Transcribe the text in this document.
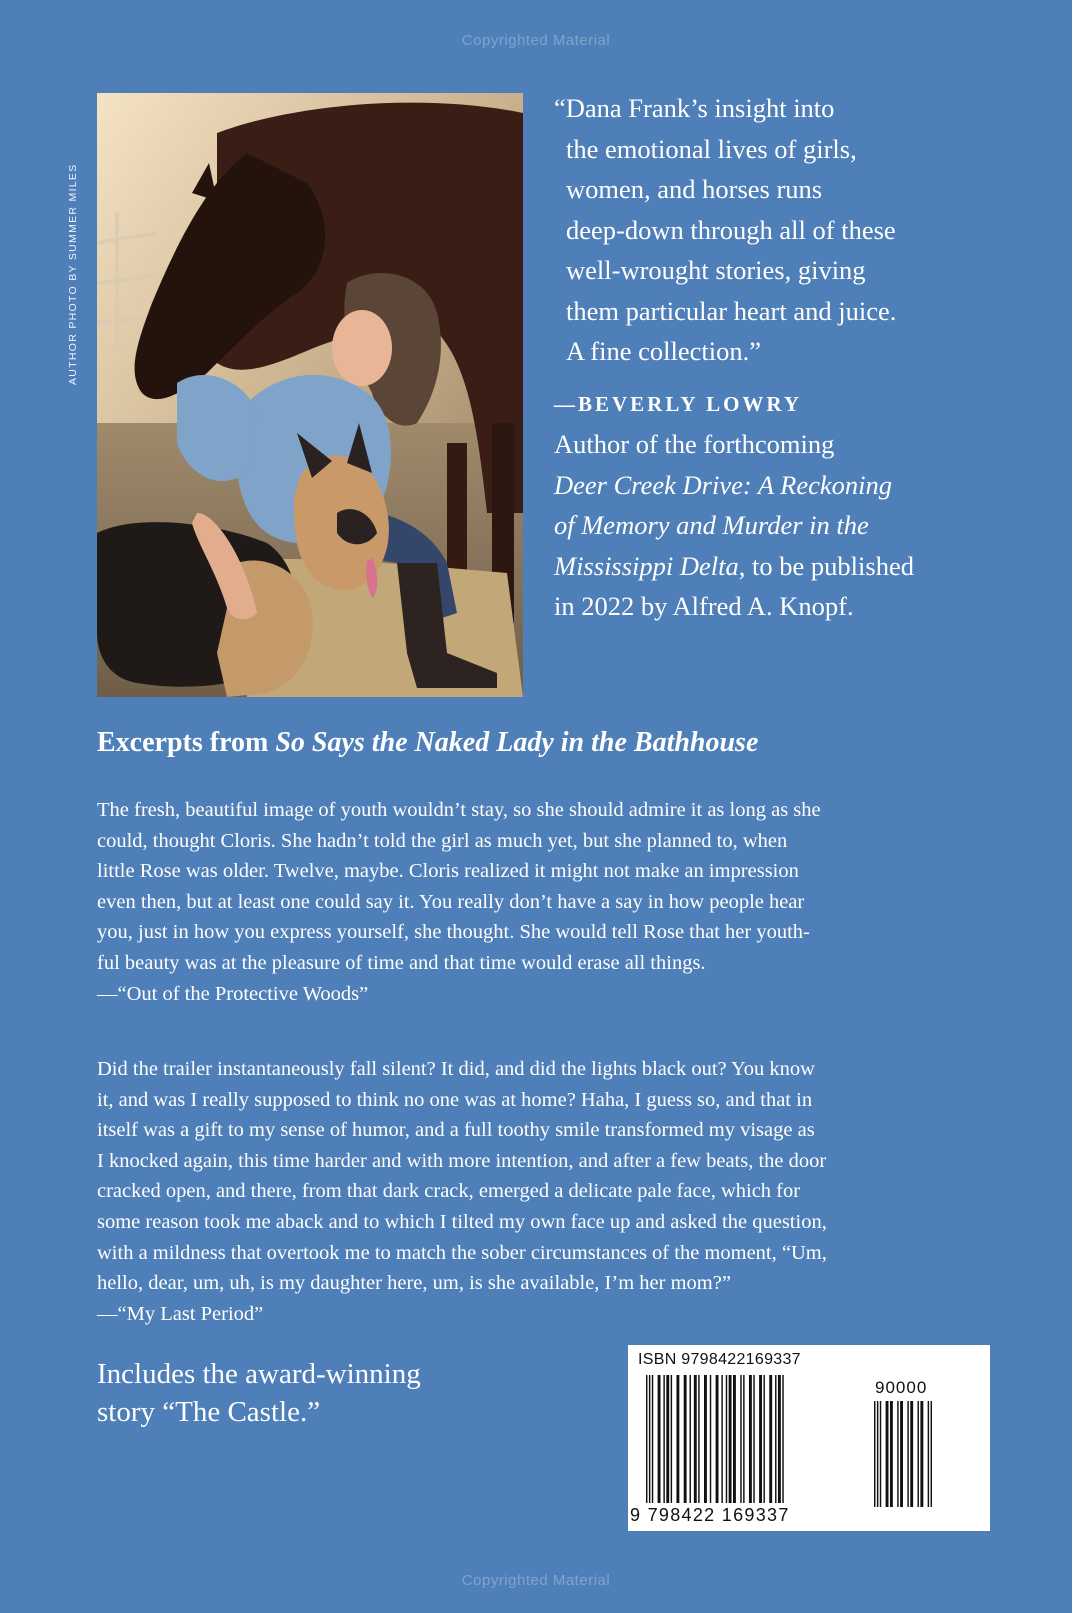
Copyrighted Material
AUTHOR PHOTO BY SUMMER MILES

“Dana Frank’s insight into
the emotional lives of girls,
women, and horses runs
deep-down through all of these
well-wrought stories, giving
them particular heart and juice.
A fine collection.”

—BEVERLY LOWRY

Author of the forthcoming
Deer Creek Drive: A Reckoning
of Memory and Murder in the
Mississippi Delta, to be published
in 2022 by Alfred A. Knopf.

Excerpts from So Says the Naked Lady in the Bathhouse
The fresh, beautiful image of youth wouldn’t stay, so she should admire it as long as she
could, thought Cloris. She hadn’t told the girl as much yet, but she planned to, when
little Rose was older. Twelve, maybe. Cloris realized it might not make an impression
even then, but at least one could say it. You really don’t have a say in how people hear
you, just in how you express yourself, she thought. She would tell Rose that her youth-
ful beauty was at the pleasure of time and that time would erase all things.
—“Out of the Protective Woods”
Did the trailer instantaneously fall silent? It did, and did the lights black out? You know
it, and was I really supposed to think no one was at home? Haha, I guess so, and that in
itself was a gift to my sense of humor, and a full toothy smile transformed my visage as
I knocked again, this time harder and with more intention, and after a few beats, the door
cracked open, and there, from that dark crack, emerged a delicate pale face, which for
some reason took me aback and to which I tilted my own face up and asked the question,
with a mildness that overtook me to match the sober circumstances of the moment, “Um,
hello, dear, um, uh, is my daughter here, um, is she available, I’m her mom?”
—“My Last Period”
Includes the award-winning
story “The Castle.”
ISBN 9798422169337
90000
9 798422 169337
Copyrighted Material
